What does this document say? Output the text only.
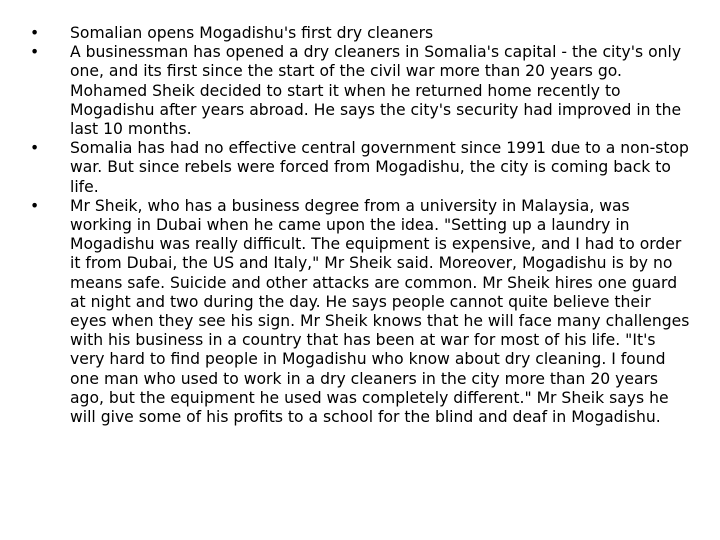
•	Somalian opens Mogadishu's first dry cleaners
•	A businessman has opened a dry cleaners in Somalia's capital - the city's only one, and its first since the start of the civil war more than 20 years go. Mohamed Sheik decided to start it when he returned home recently to Mogadishu after years abroad. He says the city's security had improved in the last 10 months.
•	Somalia has had no effective central government since 1991 due to a non-stop war. But since rebels were forced from Mogadishu, the city is coming back to life.
•	Mr Sheik, who has a business degree from a university in Malaysia, was working in Dubai when he came upon the idea. "Setting up a laundry in Mogadishu was really difficult. The equipment is expensive, and I had to order it from Dubai, the US and Italy," Mr Sheik said. Moreover, Mogadishu is by no means safe. Suicide and other attacks are common. Mr Sheik hires one guard at night and two during the day. He says people cannot quite believe their eyes when they see his sign. Mr Sheik knows that he will face many challenges with his business in a country that has been at war for most of his life. "It's very hard to find people in Mogadishu who know about dry cleaning. I found one man who used to work in a dry cleaners in the city more than 20 years ago, but the equipment he used was completely different." Mr Sheik says he will give some of his profits to a school for the blind and deaf in Mogadishu.
